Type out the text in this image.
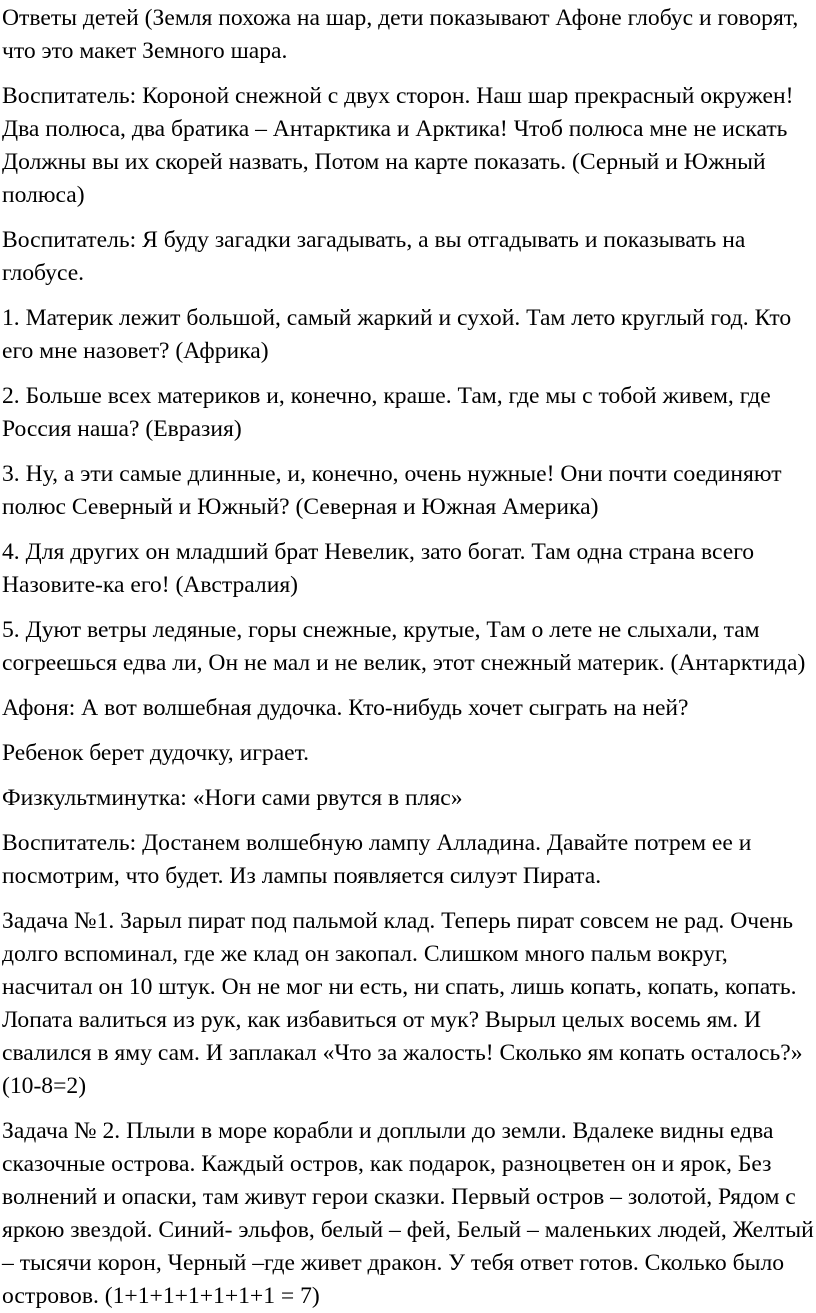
Ответы детей (Земля похожа на шар, дети показывают Афоне глобус и говорят, что это макет Земного шара.

Воспитатель: Короной снежной с двух сторон. Наш шар прекрасный окружен! Два полюса, два братика – Антарктика и Арктика! Чтоб полюса мне не искать Должны вы их скорей назвать, Потом на карте показать. (Серный и Южный полюса)

Воспитатель: Я буду загадки загадывать, а вы отгадывать и показывать на глобусе.

1. Материк лежит большой, самый жаркий и сухой. Там лето круглый год. Кто его мне назовет? (Африка)

2. Больше всех материков и, конечно, краше. Там, где мы с тобой живем, где Россия наша? (Евразия)

3. Ну, а эти самые длинные, и, конечно, очень нужные! Они почти соединяют полюс Северный и Южный? (Северная и Южная Америка)

4. Для других он младший брат Невелик, зато богат. Там одна страна всего Назовите-ка его! (Австралия)

5. Дуют ветры ледяные, горы снежные, крутые, Там о лете не слыхали, там согреешься едва ли, Он не мал и не велик, этот снежный материк. (Антарктида)

Афоня: А вот волшебная дудочка. Кто-нибудь хочет сыграть на ней?

Ребенок берет дудочку, играет.

Физкультминутка: «Ноги сами рвутся в пляс»

Воспитатель: Достанем волшебную лампу Алладина. Давайте потрем ее и посмотрим, что будет. Из лампы появляется силуэт Пирата.

Задача №1. Зарыл пират под пальмой клад. Теперь пират совсем не рад. Очень долго вспоминал, где же клад он закопал. Слишком много пальм вокруг, насчитал он 10 штук. Он не мог ни есть, ни спать, лишь копать, копать, копать. Лопата валиться из рук, как избавиться от мук? Вырыл целых восемь ям. И свалился в яму сам. И заплакал «Что за жалость! Сколько ям копать осталось?» (10-8=2)

Задача № 2. Плыли в море корабли и доплыли до земли. Вдалеке видны едва сказочные острова. Каждый остров, как подарок, разноцветен он и ярок, Без волнений и опаски, там живут герои сказки. Первый остров – золотой, Рядом с яркою звездой. Синий- эльфов, белый – фей, Белый – маленьких людей, Желтый – тысячи корон, Черный –где живет дракон. У тебя ответ готов. Сколько было островов. (1+1+1+1+1+1+1 = 7)
